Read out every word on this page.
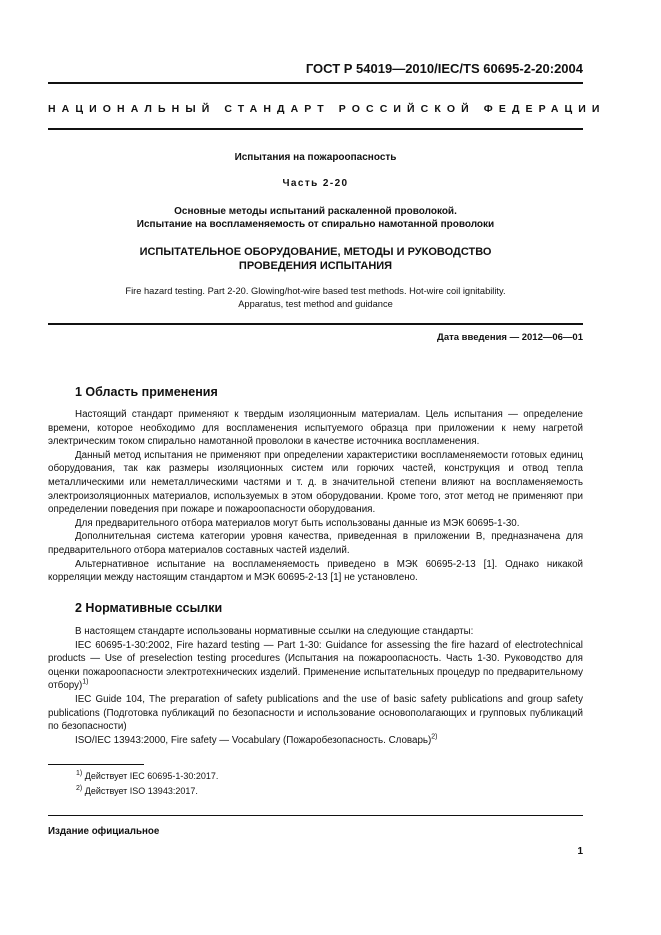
ГОСТ Р 54019—2010/IEC/TS 60695-2-20:2004
НАЦИОНАЛЬНЫЙ СТАНДАРТ РОССИЙСКОЙ ФЕДЕРАЦИИ
Испытания на пожароопасность
Часть 2-20
Основные методы испытаний раскаленной проволокой.
Испытание на воспламеняемость от спирально намотанной проволоки
ИСПЫТАТЕЛЬНОЕ ОБОРУДОВАНИЕ, МЕТОДЫ И РУКОВОДСТВО
ПРОВЕДЕНИЯ ИСПЫТАНИЯ
Fire hazard testing. Part 2-20. Glowing/hot-wire based test methods. Hot-wire coil ignitability.
Apparatus, test method and guidance
Дата введения — 2012—06—01
1 Область применения

Настоящий стандарт применяют к твердым изоляционным материалам. Цель испытания — определение времени, которое необходимо для воспламенения испытуемого образца при приложении к нему нагретой электрическим током спирально намотанной проволоки в качестве источника воспламенения.

Данный метод испытания не применяют при определении характеристики воспламеняемости готовых единиц оборудования, так как размеры изоляционных систем или горючих частей, конструкция и отвод тепла металлическими или неметаллическими частями и т. д. в значительной степени влияют на воспламеняемость электроизоляционных материалов, используемых в этом оборудовании. Кроме того, этот метод не применяют при определении поведения при пожаре и пожароопасности оборудования.

Для предварительного отбора материалов могут быть использованы данные из МЭК 60695-1-30.

Дополнительная система категории уровня качества, приведенная в приложении В, предназначена для предварительного отбора материалов составных частей изделий.

Альтернативное испытание на воспламеняемость приведено в МЭК 60695-2-13 [1]. Однако никакой корреляции между настоящим стандартом и МЭК 60695-2-13 [1] не установлено.

2 Нормативные ссылки

В настоящем стандарте использованы нормативные ссылки на следующие стандарты:

IEC 60695-1-30:2002, Fire hazard testing — Part 1-30: Guidance for assessing the fire hazard of electrotechnical products — Use of preselection testing procedures (Испытания на пожароопасность. Часть 1-30. Руководство для оценки пожароопасности электротехнических изделий. Применение испытательных процедур по предварительному отбору)$^{1)}$

IEC Guide 104, The preparation of safety publications and the use of basic safety publications and group safety publications (Подготовка публикаций по безопасности и использование основополагающих и групповых публикаций по безопасности)

ISO/IEC 13943:2000, Fire safety — Vocabulary (Пожаробезопасность. Словарь)$^{2)}$

$^{1)}$ Действует IEC 60695-1-30:2017.
$^{2)}$ Действует ISO 13943:2017.
Издание официальное
1
